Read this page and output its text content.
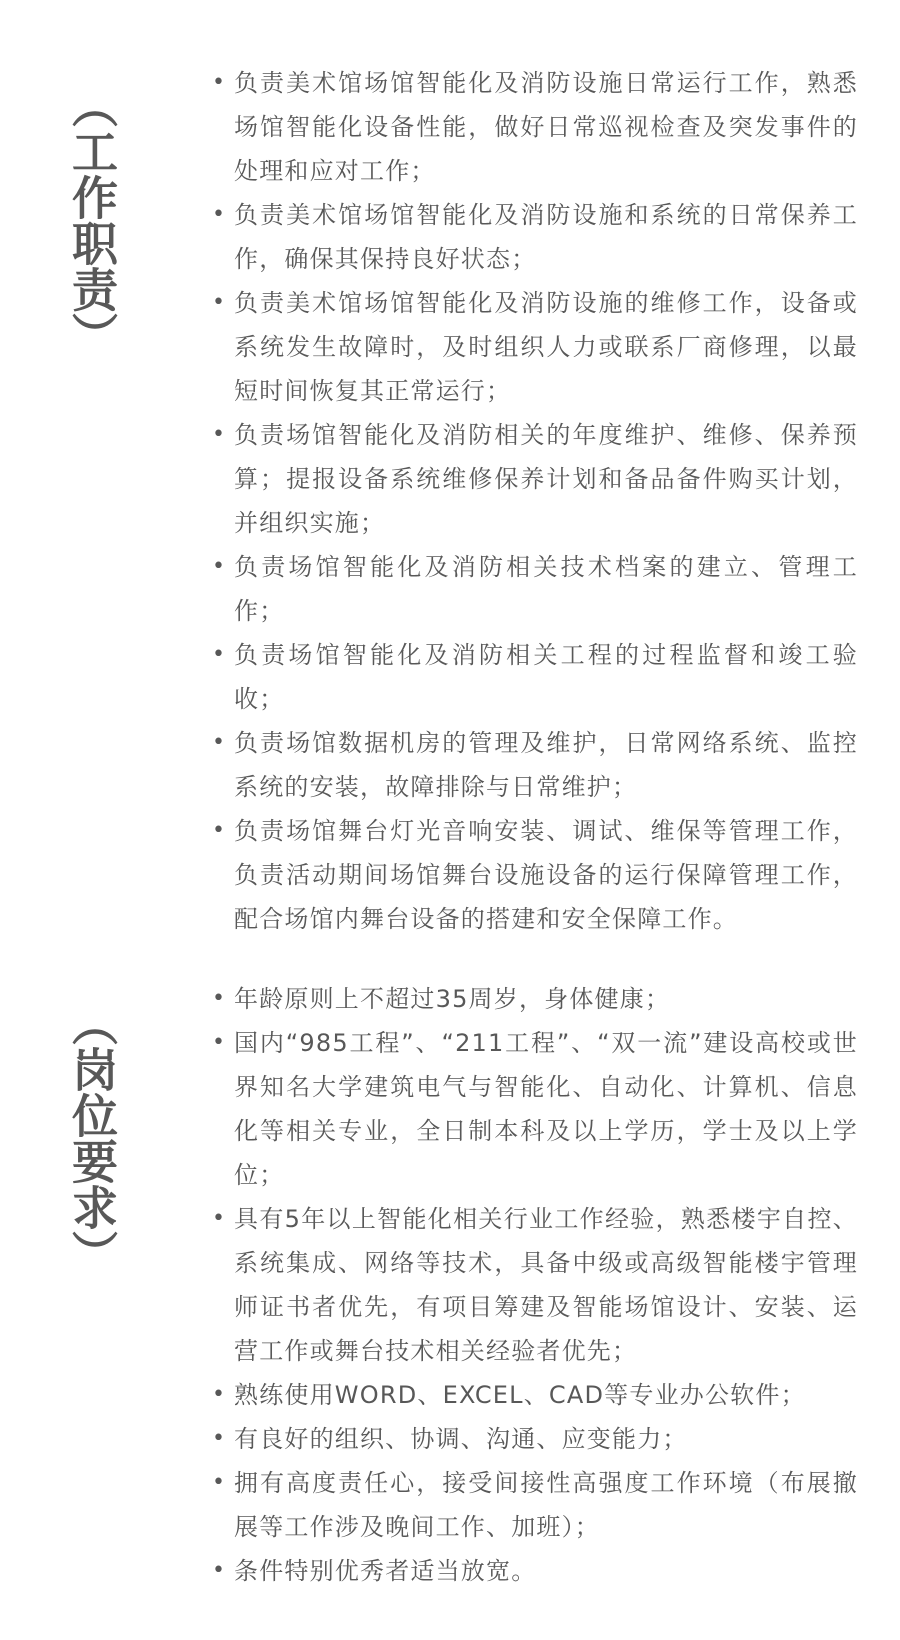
（工作职责）	• 负责美术馆场馆智能化及消防设施日常运行工作，熟悉场馆智能化设备性能，做好日常巡视检查及突发事件的处理和应对工作；
• 负责美术馆场馆智能化及消防设施和系统的日常保养工作，确保其保持良好状态；
• 负责美术馆场馆智能化及消防设施的维修工作，设备或系统发生故障时，及时组织人力或联系厂商修理，以最短时间恢复其正常运行；
• 负责场馆智能化及消防相关的年度维护、维修、保养预算；提报设备系统维修保养计划和备品备件购买计划，并组织实施；
• 负责场馆智能化及消防相关技术档案的建立、管理工作；
• 负责场馆智能化及消防相关工程的过程监督和竣工验收；
• 负责场馆数据机房的管理及维护，日常网络系统、监控系统的安装，故障排除与日常维护；
• 负责场馆舞台灯光音响安装、调试、维保等管理工作，负责活动期间场馆舞台设施设备的运行保障管理工作，配合场馆内舞台设备的搭建和安全保障工作。
（岗位要求）
• 年龄原则上不超过35周岁，身体健康；
• 国内“985工程”、“211工程”、“双一流”建设高校或世界知名大学建筑电气与智能化、自动化、计算机、信息化等相关专业，全日制本科及以上学历，学士及以上学位；
• 具有5年以上智能化相关行业工作经验，熟悉楼宇自控、系统集成、网络等技术，具备中级或高级智能楼宇管理师证书者优先，有项目筹建及智能场馆设计、安装、运营工作或舞台技术相关经验者优先；
• 熟练使用WORD、EXCEL、CAD等专业办公软件；
• 有良好的组织、协调、沟通、应变能力；
• 拥有高度责任心，接受间接性高强度工作环境（布展撤展等工作涉及晚间工作、加班）；
• 条件特别优秀者适当放宽。
